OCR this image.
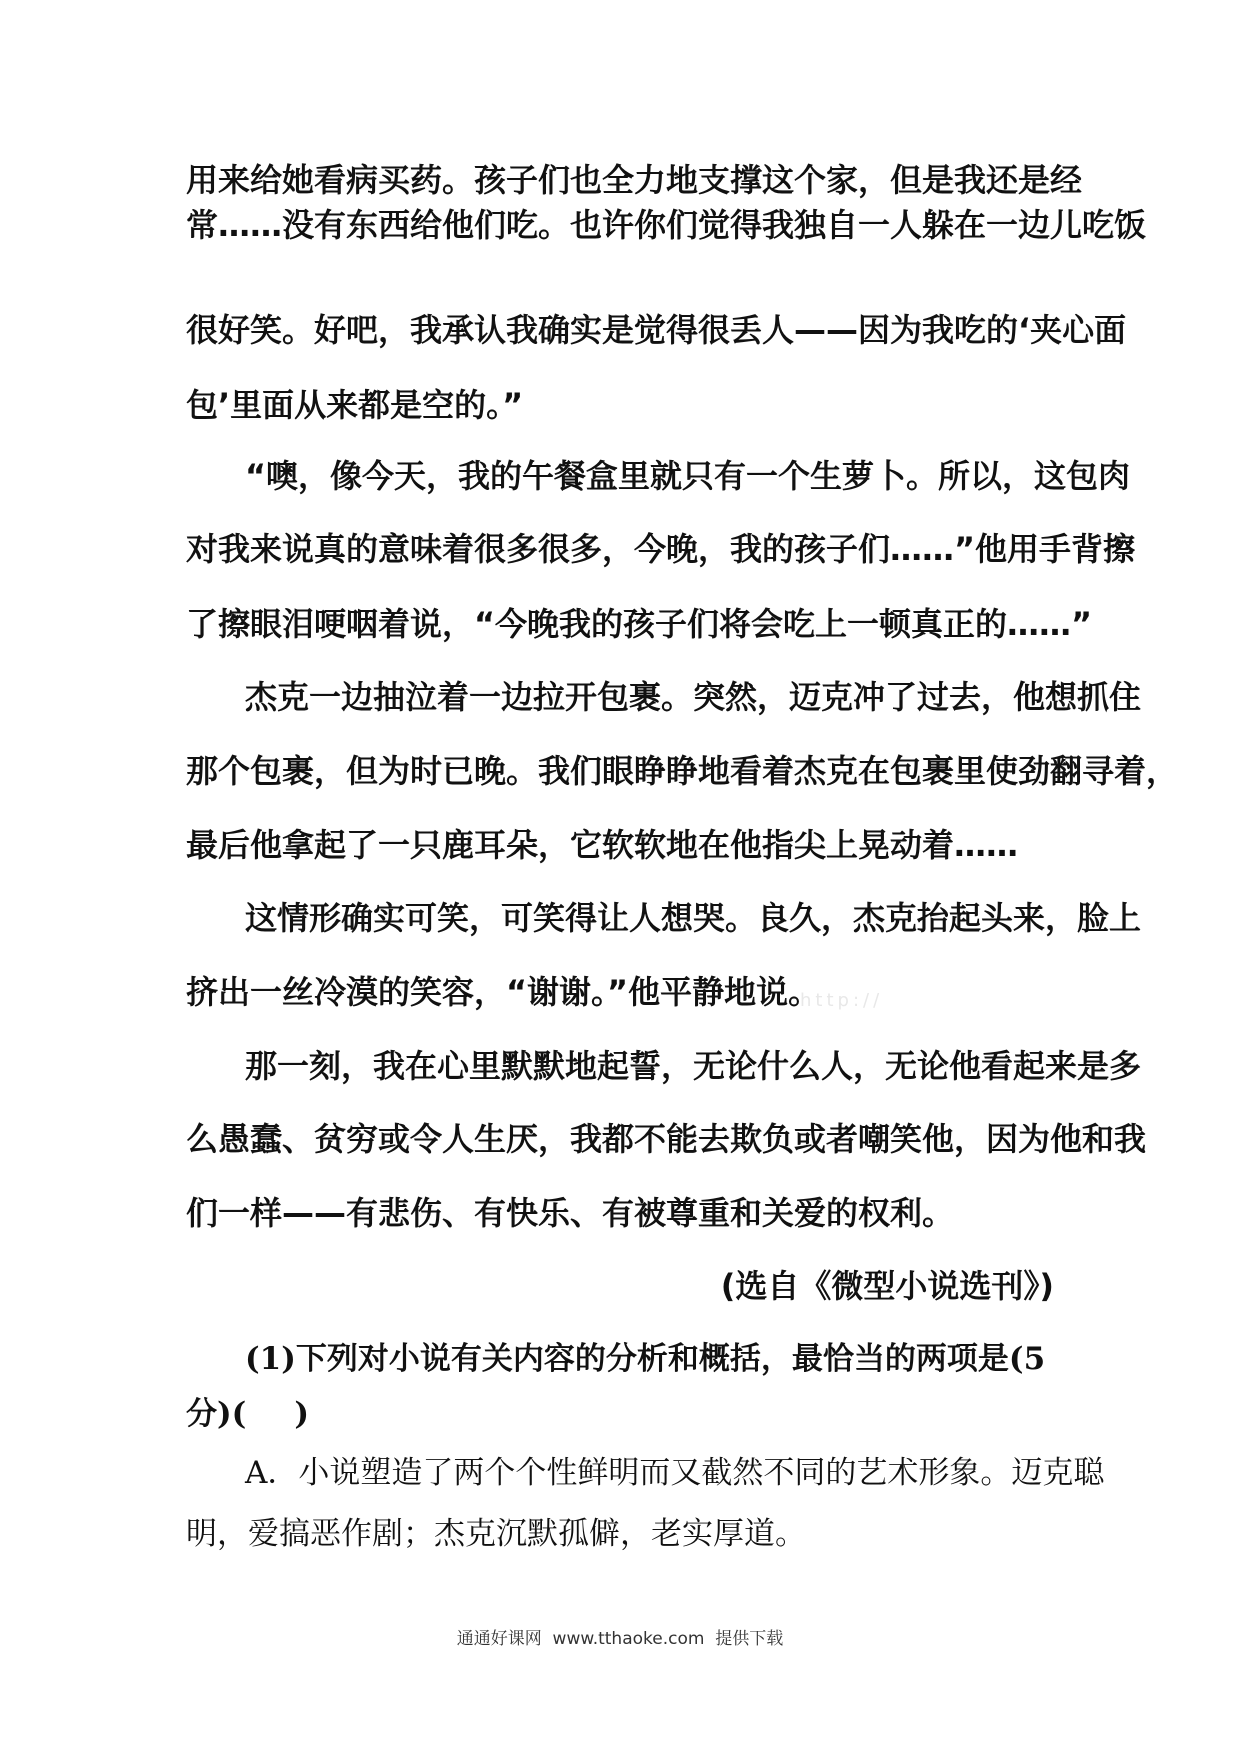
用来给她看病买药。孩子们也全力地支撑这个家，但是我还是经
常……没有东西给他们吃。也许你们觉得我独自一人躲在一边儿吃饭
很好笑。好吧，我承认我确实是觉得很丢人——因为我吃的‘夹心面
包’里面从来都是空的。”
“噢，像今天，我的午餐盒里就只有一个生萝卜。所以，这包肉
对我来说真的意味着很多很多，今晚，我的孩子们……”他用手背擦
了擦眼泪哽咽着说，“今晚我的孩子们将会吃上一顿真正的……”
杰克一边抽泣着一边拉开包裹。突然，迈克冲了过去，他想抓住
那个包裹，但为时已晚。我们眼睁睁地看着杰克在包裹里使劲翻寻着，
最后他拿起了一只鹿耳朵，它软软地在他指尖上晃动着……
这情形确实可笑，可笑得让人想哭。良久，杰克抬起头来，脸上
挤出一丝冷漠的笑容，“谢谢。”他平静地说。
那一刻，我在心里默默地起誓，无论什么人，无论他看起来是多
么愚蠢、贫穷或令人生厌，我都不能去欺负或者嘲笑他，因为他和我
们一样——有悲伤、有快乐、有被尊重和关爱的权利。
(选自《微型小说选刊》)
(1)下列对小说有关内容的分析和概括，最恰当的两项是(5
分)( )
A．小说塑造了两个个性鲜明而又截然不同的艺术形象。迈克聪
明，爱搞恶作剧；杰克沉默孤僻，老实厚道。
http://
通通好课网  www.tthaoke.com  提供下载
